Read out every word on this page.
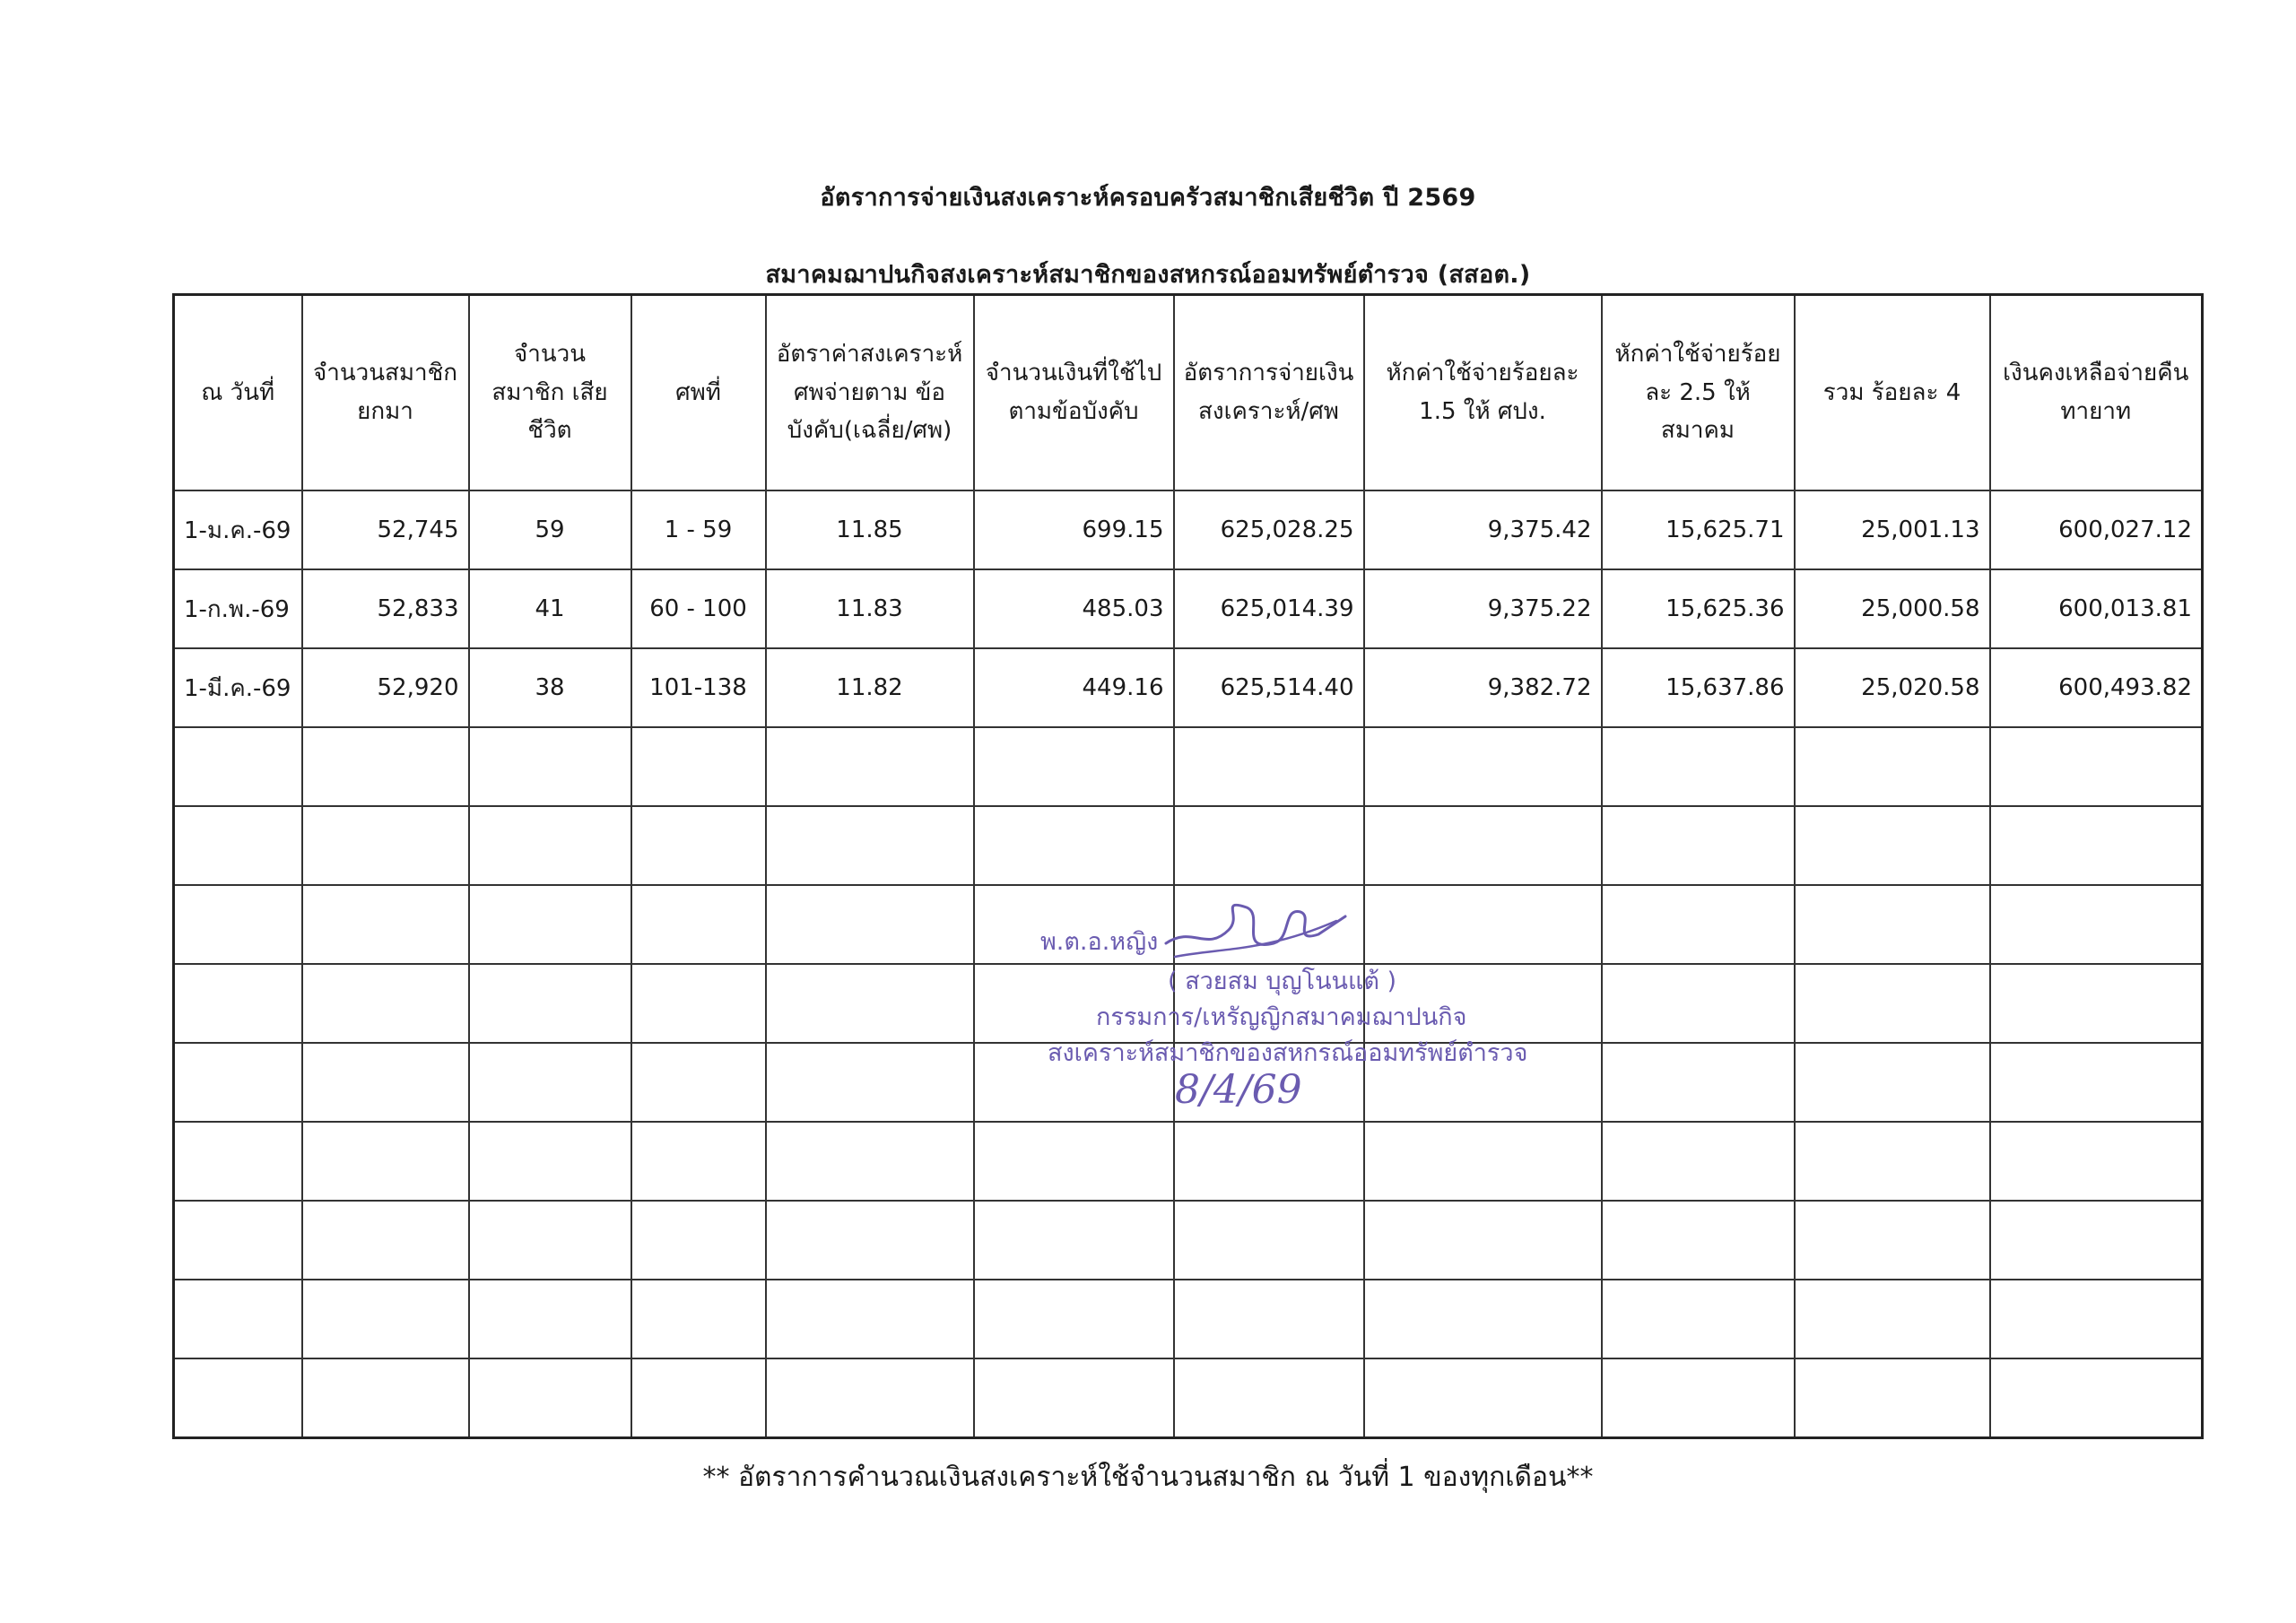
อัตราการจ่ายเงินสงเคราะห์ครอบครัวสมาชิกเสียชีวิต ปี 2569
สมาคมฌาปนกิจสงเคราะห์สมาชิกของสหกรณ์ออมทรัพย์ตำรวจ (สสอต.)
ณ วันที่	จำนวนสมาชิก ยกมา	จำนวนสมาชิก เสียชีวิต	ศพที่	อัตราค่าสงเคราะห์ ศพจ่ายตาม ข้อบังคับ(เฉลี่ย/ศพ)	จำนวนเงินที่ใช้ไป ตามข้อบังคับ	อัตราการจ่ายเงิน สงเคราะห์/ศพ	หักค่าใช้จ่ายร้อยละ 1.5 ให้ ศปง.	หักค่าใช้จ่ายร้อย ละ 2.5 ให้สมาคม	รวม ร้อยละ 4	เงินคงเหลือจ่ายคืน ทายาท
1-ม.ค.-69	52,745	59	1 - 59	11.85	699.15	625,028.25	9,375.42	15,625.71	25,001.13	600,027.12
1-ก.พ.-69	52,833	41	60 - 100	11.83	485.03	625,014.39	9,375.22	15,625.36	25,000.58	600,013.81
1-มี.ค.-69	52,920	38	101-138	11.82	449.16	625,514.40	9,382.72	15,637.86	25,020.58	600,493.82

พ.ต.อ.หญิง
( สวยสม บุญโนนแต้ )
กรรมการ/เหรัญญิกสมาคมฌาปนกิจ
สงเคราะห์สมาชิกของสหกรณ์ออมทรัพย์ตำรวจ
8/4/69
** อัตราการคำนวณเงินสงเคราะห์ใช้จำนวนสมาชิก ณ วันที่ 1 ของทุกเดือน**
